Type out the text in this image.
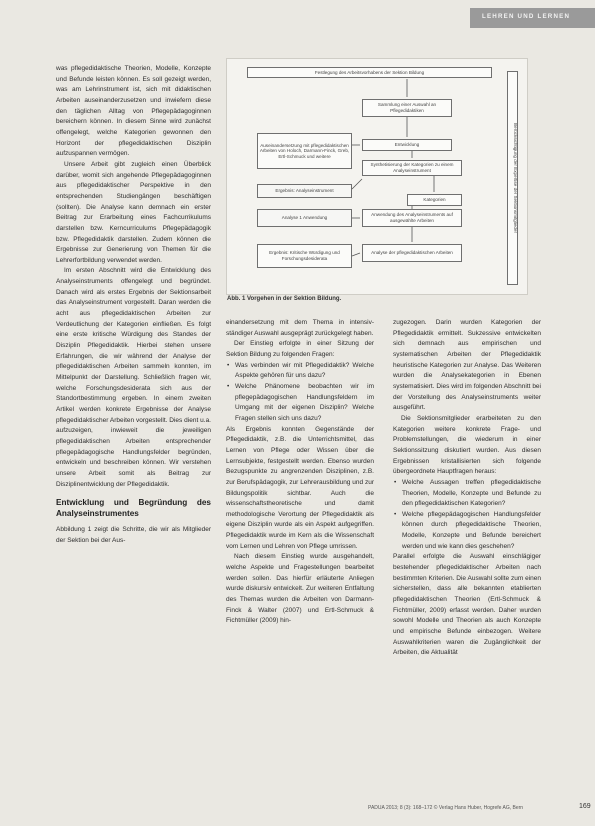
LEHREN UND LERNEN

was pflegedidaktische Theorien, Modelle, Konzepte und Befunde leisten können. Es soll gezeigt werden, was am Lehrinstrument ist, sich mit didaktischen Arbeiten auseinanderzusetzen und inwiefern diese den täglichen Alltag von Pflegepädagoginnen bereichern können. In diesem Sinne wird zunächst offengelegt, welche Kategorien gewonnen den Horizont der pflegedidaktischen Disziplin aufzuspannen vermögen.

Unsere Arbeit gibt zugleich einen Überblick darüber, womit sich angehende Pflegepädagoginnen aus pflegedidaktischer Perspektive in den entsprechenden Studiengängen beschäftigen (sollten). Die Analyse kann demnach ein erster Beitrag zur Erarbeitung eines Fachcurrikulums darstellen bzw. Kerncurriculums Pflegepädagogik bzw. Pflegedidaktik darstellen. Zudem können die Ergebnisse zur Generierung von Themen für die Lehrerfortbildung verwendet werden.

Im ersten Abschnitt wird die Entwicklung des Analyseinstruments offengelegt und begründet. Danach wird als erstes Ergebnis der Sektionsarbeit das Analyseinstrument vorgestellt. Daran werden die acht aus pflegedidaktischen Arbeiten zur Verdeutlichung der Kategorien einfließen. Es folgt eine erste kritische Würdigung des Standes der Disziplin Pflegedidaktik. Hierbei stehen unsere Erfahrungen, die wir während der Analyse der pflegedidaktischen Arbeiten sammeln konnten, im Mittelpunkt der Darstellung. Schließlich fragen wir, welche Forschungsdesiderata sich aus der Standortbestimmung ergeben. In einem zweiten Artikel werden konkrete Ergebnisse der Analyse pflegedidaktischer Arbeiten vorgestellt. Dies dient u.a. aufzuzeigen, inwieweit die jeweiligen pflegedidaktischen Arbeiten entsprechender pflegepädagogische Handlungsfelder begründen, entwickeln und beschreiben können. Wir verstehen unsere Arbeit somit als Beitrag zur Disziplinentwicklung der Pflegedidaktik.

Entwicklung und Begründung des Analyseinstrumentes

Abbildung 1 zeigt die Schritte, die wir als Mitglieder der Sektion bei der Aus-

Festlegung des Arbeitsvorhabens der Sektion Bildung
Berücksichtigung der Expertise der Sektionsmitglieder
Sammlung einer Auswahl an Pflegedidaktiken
Auseinandersetzung mit pflegedidaktischen Arbeiten von Holoch, Darmann-Finck, Greb, Ertl-Schmuck und weitere
Entwicklung
Synthetisierung der Kategorien zu einem Analyseinstrument
Ergebnis: Analyseinstrument
Kategorien
Analyse 1 Anwendung
Anwendung des Analyseinstruments auf ausgewählte Arbeiten
Ergebnis: Kritische Würdigung und Forschungsdesiderata
Analyse der pflegedidaktischen Arbeiten
Abb. 1 Vorgehen in der Sektion Bildung.

einandersetzung mit dem Thema in intensiv-ständiger Auswahl ausgeprägt zurückgelegt haben.

Der Einstieg erfolgte in einer Sitzung der Sektion Bildung zu folgenden Fragen:

• Was verbinden wir mit Pflegedidaktik? Welche Aspekte gehören für uns dazu?
• Welche Phänomene beobachten wir im pflegepädagogischen Handlungsfeldern im Umgang mit der eigenen Disziplin? Welche Fragen stellen sich uns dazu?

Als Ergebnis konnten Gegenstände der Pflegedidaktik, z.B. die Unterrichtsmittel, das Lernen von Pflege oder Wissen über die Lernsubjekte, festgestellt werden. Ebenso wurden Bezugspunkte zu angrenzenden Disziplinen, z.B. zur Berufspädagogik, zur Lehrerausbildung und zur Bildungspolitik sichtbar. Auch die wissenschaftstheoretische und damit methodologische Verortung der Pflegedidaktik als eigene Disziplin wurde als ein Aspekt aufgegriffen. Pflegedidaktik wurde im Kern als die Wissenschaft vom Lernen und Lehren von Pflege umrissen.

Nach diesem Einstieg wurde ausgehandelt, welche Aspekte und Fragestellungen bearbeitet werden sollen. Das hierfür erläuterte Anliegen wurde diskursiv entwickelt. Zur weiteren Entfaltung des Themas wurden die Arbeiten von Darmann-Finck & Walter (2007) und Ertl-Schmuck & Fichtmüller (2009) hin-

zugezogen. Darin wurden Kategorien der Pflegedidaktik ermittelt. Sukzessive entwickelten sich demnach aus empirischen und systematischen Arbeiten der Pflegedidaktik heuristische Kategorien zur Analyse. Das Weiteren wurden die Analysekategorien in Ebenen systematisiert. Dies wird im folgenden Abschnitt bei der Vorstellung des Analyseinstruments weiter ausgeführt.

Die Sektionsmitglieder erarbeiteten zu den Kategorien weitere konkrete Frage- und Problemstellungen, die wiederum in einer Sektionssitzung diskutiert wurden. Aus diesen Ergebnissen kristallisierten sich folgende übergeordnete Hauptfragen heraus:

• Welche Aussagen treffen pflegedidaktische Theorien, Modelle, Konzepte und Befunde zu den pflegedidaktischen Kategorien?
• Welche pflegepädagogischen Handlungsfelder können durch pflegedidaktische Theorien, Modelle, Konzepte und Befunde bereichert werden und wie kann dies geschehen?

Parallel erfolgte die Auswahl einschlägiger bestehender pflegedidaktischer Arbeiten nach bestimmten Kriterien. Die Auswahl sollte zum einen sicherstellen, dass alle bekannten etablierten pflegedidaktischen Theorien (Ertl-Schmuck & Fichtmüller, 2009) erfasst werden. Daher wurden sowohl Modelle und Theorien als auch Konzepte und empirische Befunde einbezogen. Weitere Auswahlkriterien waren die Zugänglichkeit der Arbeiten, die Aktualität

PADUA 2013; 8 (3): 168–172 © Verlag Hans Huber, Hogrefe AG, Bern	169
